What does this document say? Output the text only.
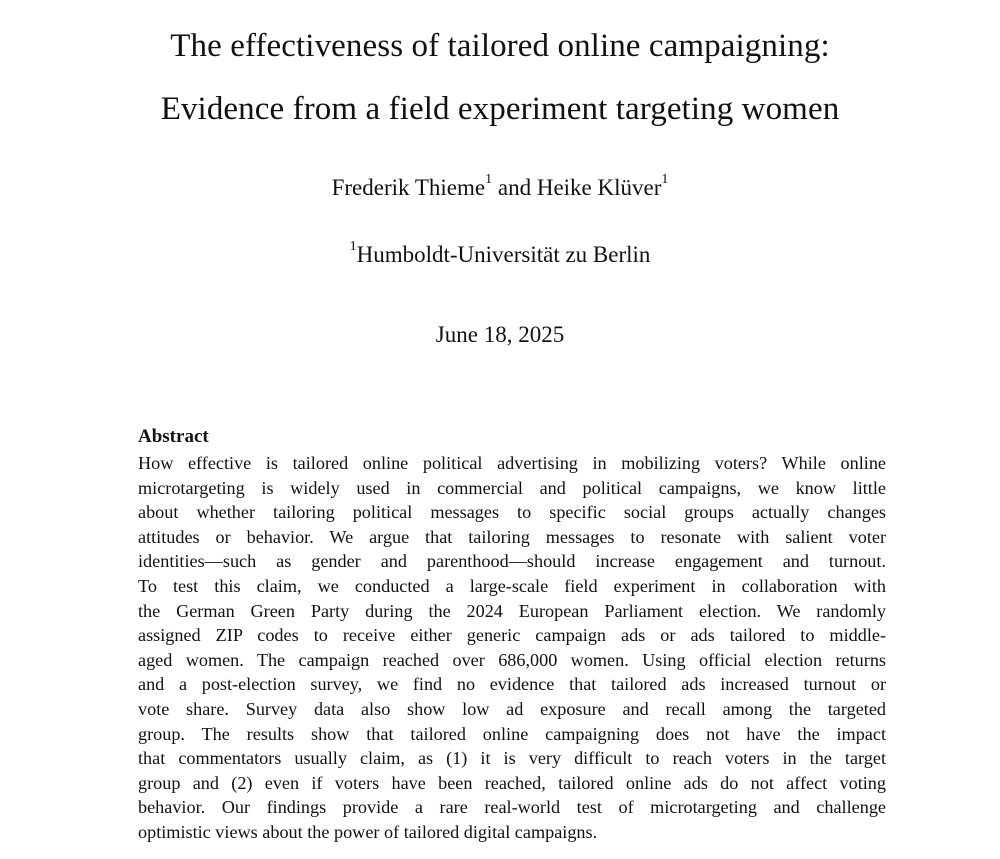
The effectiveness of tailored online campaigning:
Evidence from a field experiment targeting women
Frederik Thieme$^1$ and Heike Klüver$^1$
$^1$Humboldt-Universität zu Berlin
June 18, 2025
Abstract
How effective is tailored online political advertising in mobilizing voters? While online
microtargeting is widely used in commercial and political campaigns, we know little
about whether tailoring political messages to specific social groups actually changes
attitudes or behavior. We argue that tailoring messages to resonate with salient voter
identities—such as gender and parenthood—should increase engagement and turnout.
To test this claim, we conducted a large-scale field experiment in collaboration with
the German Green Party during the 2024 European Parliament election. We randomly
assigned ZIP codes to receive either generic campaign ads or ads tailored to middle-
aged women. The campaign reached over 686,000 women. Using official election returns
and a post-election survey, we find no evidence that tailored ads increased turnout or
vote share. Survey data also show low ad exposure and recall among the targeted
group. The results show that tailored online campaigning does not have the impact
that commentators usually claim, as (1) it is very difficult to reach voters in the target
group and (2) even if voters have been reached, tailored online ads do not affect voting
behavior. Our findings provide a rare real-world test of microtargeting and challenge
optimistic views about the power of tailored digital campaigns.
